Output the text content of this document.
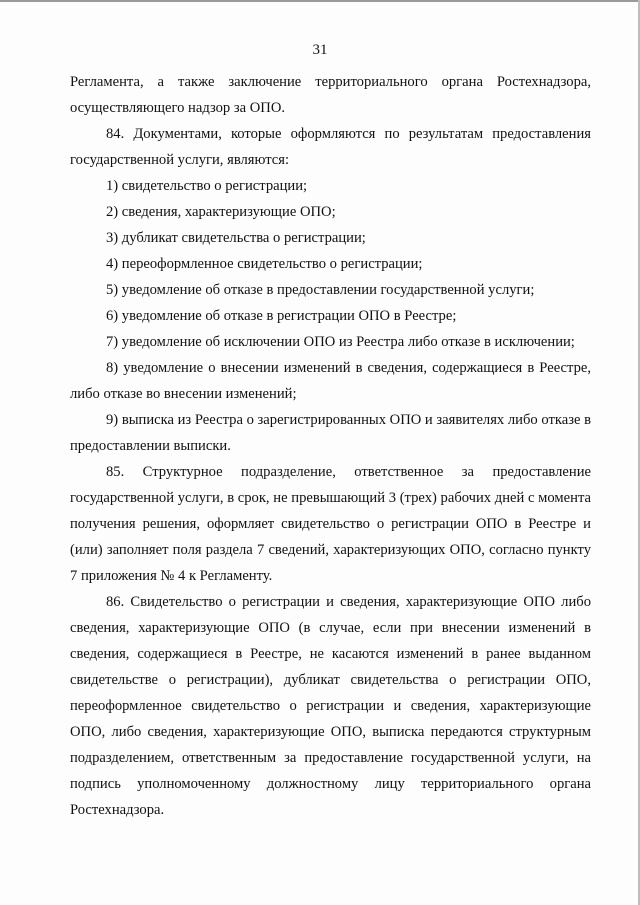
31

Регламента, а также заключение территориального органа Ростехнадзора, осуществляющего надзор за ОПО.

84. Документами, которые оформляются по результатам предоставления государственной услуги, являются:

1) свидетельство о регистрации;

2) сведения, характеризующие ОПО;

3) дубликат свидетельства о регистрации;

4) переоформленное свидетельство о регистрации;

5) уведомление об отказе в предоставлении государственной услуги;

6) уведомление об отказе в регистрации ОПО в Реестре;

7) уведомление об исключении ОПО из Реестра либо отказе в исключении;

8) уведомление о внесении изменений в сведения, содержащиеся в Реестре, либо отказе во внесении изменений;

9) выписка из Реестра о зарегистрированных ОПО и заявителях либо отказе в предоставлении выписки.

85. Структурное подразделение, ответственное за предоставление государственной услуги, в срок, не превышающий 3 (трех) рабочих дней с момента получения решения, оформляет свидетельство о регистрации ОПО в Реестре и (или) заполняет поля раздела 7 сведений, характеризующих ОПО, согласно пункту 7 приложения № 4 к Регламенту.

86. Свидетельство о регистрации и сведения, характеризующие ОПО либо сведения, характеризующие ОПО (в случае, если при внесении изменений в сведения, содержащиеся в Реестре, не касаются изменений в ранее выданном свидетельстве о регистрации), дубликат свидетельства о регистрации ОПО, переоформленное свидетельство о регистрации и сведения, характеризующие ОПО, либо сведения, характеризующие ОПО, выписка передаются структурным подразделением, ответственным за предоставление государственной услуги, на подпись уполномоченному должностному лицу территориального органа Ростехнадзора.
